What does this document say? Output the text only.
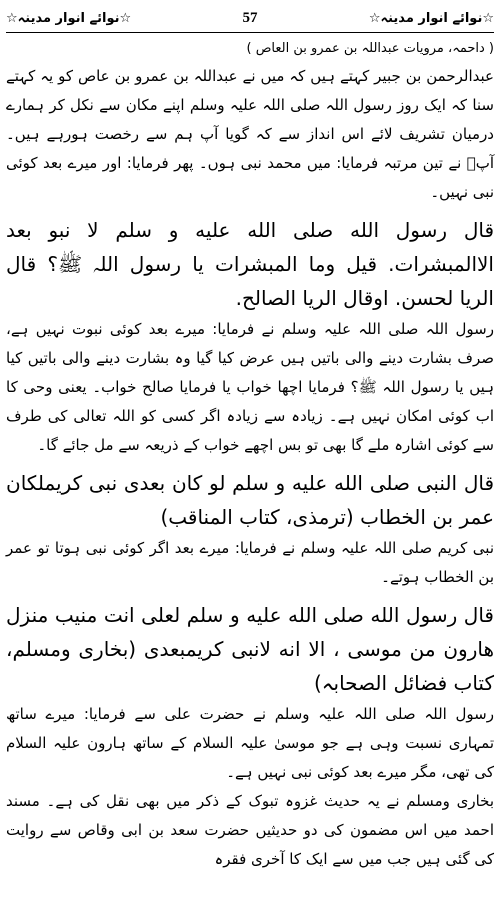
☆نوائے انوار مدینہ☆	57	☆نوائے انوار مدینہ☆

( داحمہ، مرویات عبداللہ بن عمرو بن العاص )

عبدالرحمن بن جبیر کہتے ہیں کہ میں نے عبداللہ بن عمرو بن عاص کو یہ کہتے سنا کہ ایک روز رسول اللہ صلی اللہ علیہ وسلم اپنے مکان سے نکل کر ہمارے درمیان تشریف لائے اس انداز سے کہ گویا آپ ہم سے رخصت ہورہے ہیں۔ آپؐ نے تین مرتبہ فرمایا: میں محمد نبی ہوں۔ پھر فرمایا: اور میرے بعد کوئی نبی نہیں۔

قال رسول الله صلی الله علیه و سلم لا نبو بعد الاالمبشرات. قیل وما المبشرات یا رسول اللہ ﷺ؟ قال الریا لحسن. اوقال الریا الصالح.

رسول اللہ صلی اللہ علیہ وسلم نے فرمایا: میرے بعد کوئی نبوت نہیں ہے، صرف بشارت دینے والی باتیں ہیں عرض کیا گیا وہ بشارت دینے والی باتیں کیا ہیں یا رسول اللہ ﷺ؟ فرمایا اچھا خواب یا فرمایا صالح خواب۔ یعنی وحی کا اب کوئی امکان نہیں ہے۔ زیادہ سے زیادہ اگر کسی کو اللہ تعالی کی طرف سے کوئی اشارہ ملے گا بھی تو بس اچھے خواب کے ذریعہ سے مل جائے گا۔

قال النبی صلی الله علیه و سلم لو کان بعدی نبی کریملکان عمر بن الخطاب (ترمذی، کتاب المناقب)

نبی کریم صلی اللہ علیہ وسلم نے فرمایا: میرے بعد اگر کوئی نبی ہوتا تو عمر بن الخطاب ہوتے۔

قال رسول الله صلی الله علیه و سلم لعلی انت منیب منزل هارون من موسی ، الا انه لانبی کریمبعدی (بخاری ومسلم، کتاب فضائل الصحابہ)

رسول اللہ صلی اللہ علیہ وسلم نے حضرت علی سے فرمایا: میرے ساتھ تمہاری نسبت وہی ہے جو موسیٰ علیہ السلام کے ساتھ ہارون علیہ السلام کی تھی، مگر میرے بعد کوئی نبی نہیں ہے۔

بخاری ومسلم نے یہ حدیث غزوہ تبوک کے ذکر میں بھی نقل کی ہے۔ مسند احمد میں اس مضمون کی دو حدیثیں حضرت سعد بن ابی وقاص سے روایت کی گئی ہیں جب میں سے ایک کا آخری فقرہ
